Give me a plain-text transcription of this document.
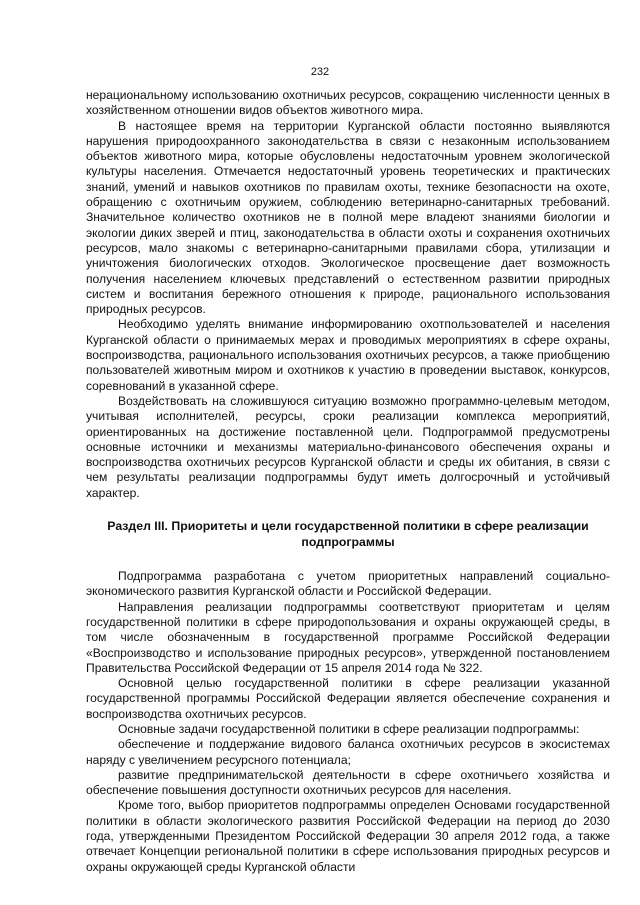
232

нерациональному использованию охотничьих ресурсов, сокращению численности ценных в хозяйственном отношении видов объектов животного мира.

В настоящее время на территории Курганской области постоянно выявляются нарушения природоохранного законодательства в связи с незаконным использованием объектов животного мира, которые обусловлены недостаточным уровнем экологической культуры населения. Отмечается недостаточный уровень теоретических и практических знаний, умений и навыков охотников по правилам охоты, технике безопасности на охоте, обращению с охотничьим оружием, соблюдению ветеринарно-санитарных требований. Значительное количество охотников не в полной мере владеют знаниями биологии и экологии диких зверей и птиц, законодательства в области охоты и сохранения охотничьих ресурсов, мало знакомы с ветеринарно-санитарными правилами сбора, утилизации и уничтожения биологических отходов. Экологическое просвещение дает возможность получения населением ключевых представлений о естественном развитии природных систем и воспитания бережного отношения к природе, рационального использования природных ресурсов.

Необходимо уделять внимание информированию охотпользователей и населения Курганской области о принимаемых мерах и проводимых мероприятиях в сфере охраны, воспроизводства, рационального использования охотничьих ресурсов, а также приобщению пользователей животным миром и охотников к участию в проведении выставок, конкурсов, соревнований в указанной сфере.

Воздействовать на сложившуюся ситуацию возможно программно-целевым методом, учитывая исполнителей, ресурсы, сроки реализации комплекса мероприятий, ориентированных на достижение поставленной цели. Подпрограммой предусмотрены основные источники и механизмы материально-финансового обеспечения охраны и воспроизводства охотничьих ресурсов Курганской области и среды их обитания, в связи с чем результаты реализации подпрограммы будут иметь долгосрочный и устойчивый характер.

Раздел III. Приоритеты и цели государственной политики в сфере реализации подпрограммы

Подпрограмма разработана с учетом приоритетных направлений социально-экономического развития Курганской области и Российской Федерации.

Направления реализации подпрограммы соответствуют приоритетам и целям государственной политики в сфере природопользования и охраны окружающей среды, в том числе обозначенным в государственной программе Российской Федерации «Воспроизводство и использование природных ресурсов», утвержденной постановлением Правительства Российской Федерации от 15 апреля 2014 года № 322.

Основной целью государственной политики в сфере реализации указанной государственной программы Российской Федерации является обеспечение сохранения и воспроизводства охотничьих ресурсов.

Основные задачи государственной политики в сфере реализации подпрограммы:

обеспечение и поддержание видового баланса охотничьих ресурсов в экосистемах наряду с увеличением ресурсного потенциала;

развитие предпринимательской деятельности в сфере охотничьего хозяйства и обеспечение повышения доступности охотничьих ресурсов для населения.

Кроме того, выбор приоритетов подпрограммы определен Основами государственной политики в области экологического развития Российской Федерации на период до 2030 года, утвержденными Президентом Российской Федерации 30 апреля 2012 года, а также отвечает Концепции региональной политики в сфере использования природных ресурсов и охраны окружающей среды Курганской области
